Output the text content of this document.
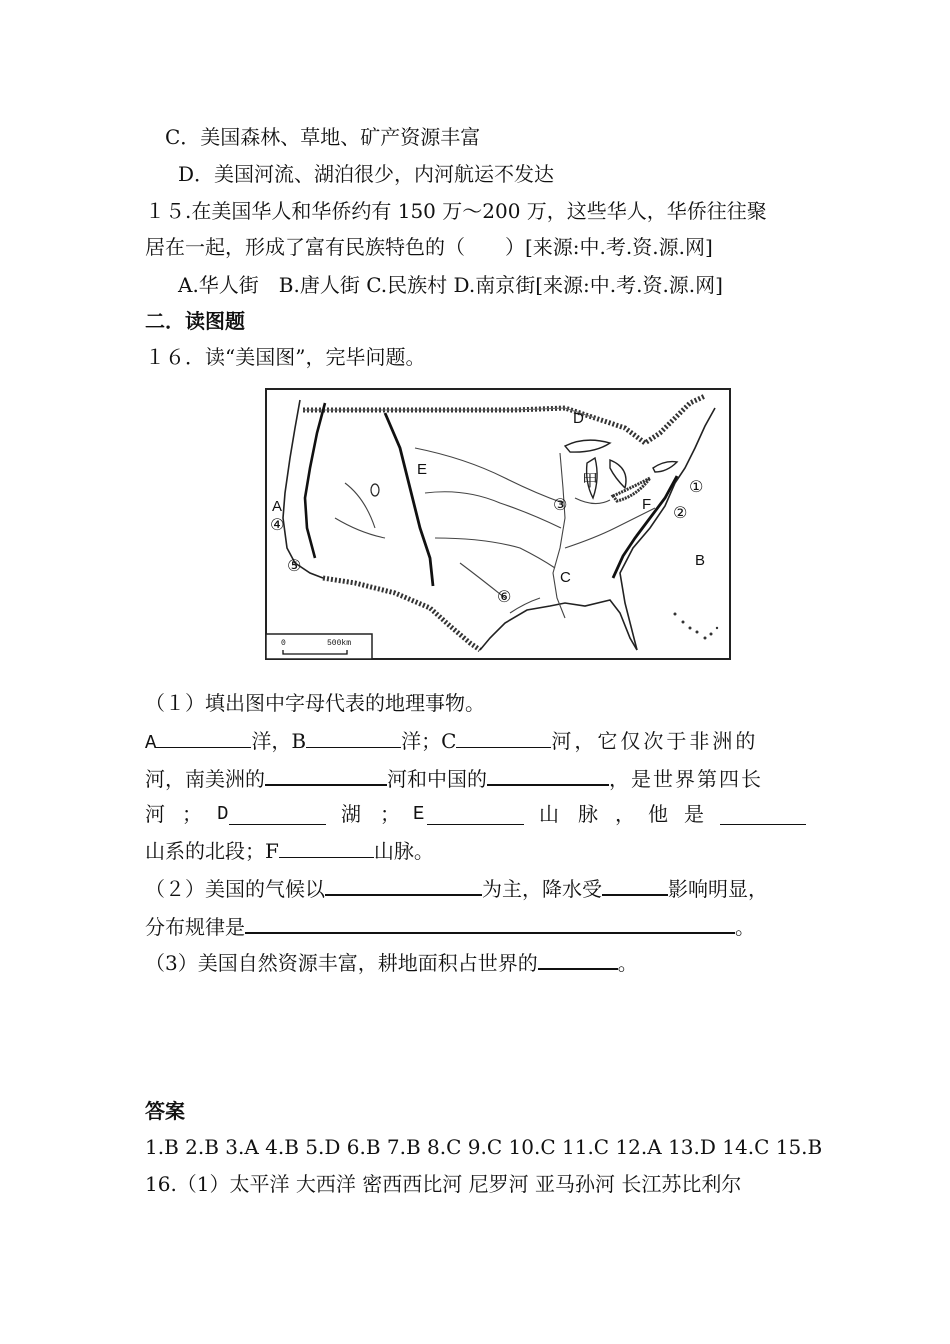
C．美国森林、草地、矿产资源丰富
D．美国河流、湖泊很少，内河航运不发达
１５.在美国华人和华侨约有 150 万～200 万，这些华人，华侨往往聚
居在一起，形成了富有民族特色的（　　）[来源:中.考.资.源.网]
A.华人街　B.唐人街 C.民族村 D.南京街[来源:中.考.资.源.网]
二．读图题
１６．读“美国图”，完毕问题。
A
B
C
D
E
F
甲	①
②
③
④
⑤
⑥
0	500km
（１）填出图中字母代表的地理事物。
A	洋，B	洋；C	河，它仅次于非洲的
河，南美洲的	河和中国的	，是世界第四长
河 ； D	湖 ； E	山 脉 ， 他 是
山系的北段；F	山脉。
（２）美国的气候以	为主，降水受	影响明显，
分布规律是	。
（3）美国自然资源丰富，耕地面积占世界的	。
答案
1.B 2.B 3.A 4.B 5.D 6.B 7.B 8.C 9.C 10.C 11.C 12.A 13.D 14.C 15.B
16.（1）太平洋 大西洋 密西西比河 尼罗河 亚马孙河 长江苏比利尔
